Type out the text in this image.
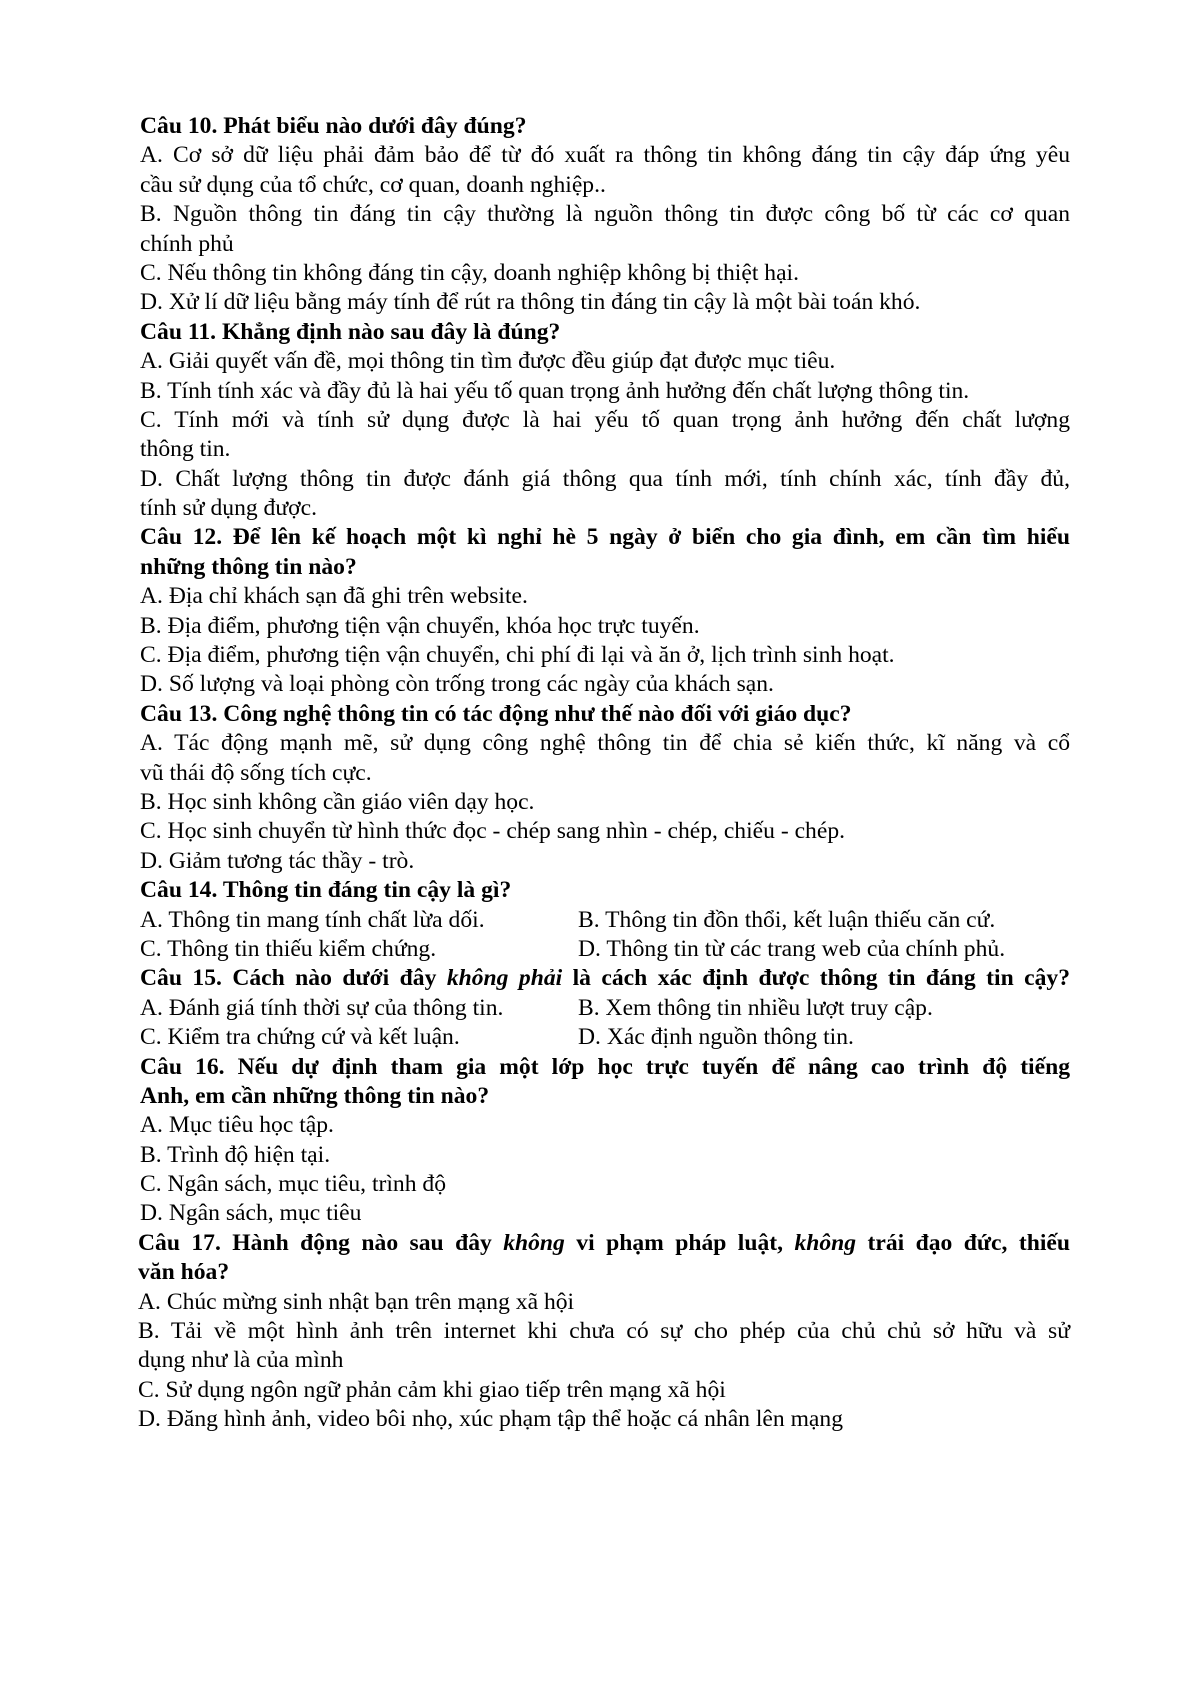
Câu 10. Phát biểu nào dưới đây đúng?
A. Cơ sở dữ liệu phải đảm bảo để từ đó xuất ra thông tin không đáng tin cậy đáp ứng yêu
cầu sử dụng của tổ chức, cơ quan, doanh nghiệp..
B. Nguồn thông tin đáng tin cậy thường là nguồn thông tin được công bố từ các cơ quan
chính phủ
C. Nếu thông tin không đáng tin cậy, doanh nghiệp không bị thiệt hại.
D. Xử lí dữ liệu bằng máy tính để rút ra thông tin đáng tin cậy là một bài toán khó.
Câu 11. Khẳng định nào sau đây là đúng?
A. Giải quyết vấn đề, mọi thông tin tìm được đều giúp đạt được mục tiêu.
B. Tính tính xác và đầy đủ là hai yếu tố quan trọng ảnh hưởng đến chất lượng thông tin.
C. Tính mới và tính sử dụng được là hai yếu tố quan trọng ảnh hưởng đến chất lượng
thông tin.
D. Chất lượng thông tin được đánh giá thông qua tính mới, tính chính xác, tính đầy đủ,
tính sử dụng được.
Câu 12. Để lên kế hoạch một kì nghỉ hè 5 ngày ở biển cho gia đình, em cần tìm hiểu
những thông tin nào?
A. Địa chỉ khách sạn đã ghi trên website.
B. Địa điểm, phương tiện vận chuyển, khóa học trực tuyến.
C. Địa điểm, phương tiện vận chuyển, chi phí đi lại và ăn ở, lịch trình sinh hoạt.
D. Số lượng và loại phòng còn trống trong các ngày của khách sạn.
Câu 13. Công nghệ thông tin có tác động như thế nào đối với giáo dục?
A. Tác động mạnh mẽ, sử dụng công nghệ thông tin để chia sẻ kiến thức, kĩ năng và cổ
vũ thái độ sống tích cực.
B. Học sinh không cần giáo viên dạy học.
C. Học sinh chuyển từ hình thức đọc - chép sang nhìn - chép, chiếu - chép.
D. Giảm tương tác thầy - trò.
Câu 14. Thông tin đáng tin cậy là gì?
A. Thông tin mang tính chất lừa dối.	B. Thông tin đồn thổi, kết luận thiếu căn cứ.
C. Thông tin thiếu kiểm chứng.	D. Thông tin từ các trang web của chính phủ.
Câu 15. Cách nào dưới đây không phải là cách xác định được thông tin đáng tin cậy?
A. Đánh giá tính thời sự của thông tin.	B. Xem thông tin nhiều lượt truy cập.
C. Kiểm tra chứng cứ và kết luận.	D. Xác định nguồn thông tin.
Câu 16. Nếu dự định tham gia một lớp học trực tuyến để nâng cao trình độ tiếng
Anh, em cần những thông tin nào?
A. Mục tiêu học tập.
B. Trình độ hiện tại.
C. Ngân sách, mục tiêu, trình độ
D. Ngân sách, mục tiêu
Câu 17. Hành động nào sau đây không vi phạm pháp luật, không trái đạo đức, thiếu
văn hóa?
A. Chúc mừng sinh nhật bạn trên mạng xã hội
B. Tải về một hình ảnh trên internet khi chưa có sự cho phép của chủ chủ sở hữu và sử
dụng như là của mình
C. Sử dụng ngôn ngữ phản cảm khi giao tiếp trên mạng xã hội
D. Đăng hình ảnh, video bôi nhọ, xúc phạm tập thể hoặc cá nhân lên mạng
